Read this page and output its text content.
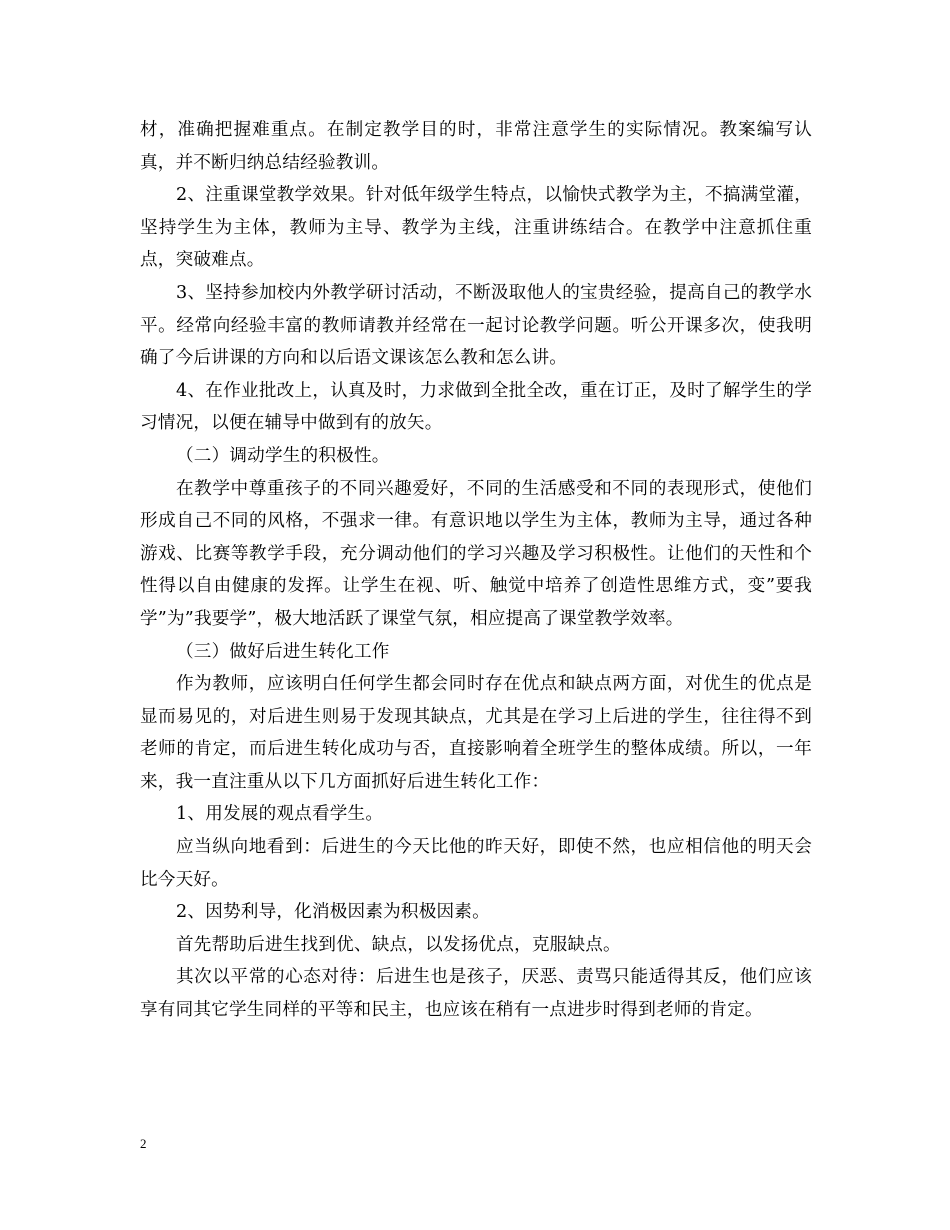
材，准确把握难重点。在制定教学目的时，非常注意学生的实际情况。教案编写认真，并不断归纳总结经验教训。

2、注重课堂教学效果。针对低年级学生特点，以愉快式教学为主，不搞满堂灌，坚持学生为主体，教师为主导、教学为主线，注重讲练结合。在教学中注意抓住重点，突破难点。

3、坚持参加校内外教学研讨活动，不断汲取他人的宝贵经验，提高自己的教学水平。经常向经验丰富的教师请教并经常在一起讨论教学问题。听公开课多次，使我明确了今后讲课的方向和以后语文课该怎么教和怎么讲。

4、在作业批改上，认真及时，力求做到全批全改，重在订正，及时了解学生的学习情况，以便在辅导中做到有的放矢。

（二）调动学生的积极性。

在教学中尊重孩子的不同兴趣爱好，不同的生活感受和不同的表现形式，使他们形成自己不同的风格，不强求一律。有意识地以学生为主体，教师为主导，通过各种游戏、比赛等教学手段，充分调动他们的学习兴趣及学习积极性。让他们的天性和个性得以自由健康的发挥。让学生在视、听、触觉中培养了创造性思维方式，变”要我学”为”我要学”，极大地活跃了课堂气氛，相应提高了课堂教学效率。

（三）做好后进生转化工作

作为教师，应该明白任何学生都会同时存在优点和缺点两方面，对优生的优点是显而易见的，对后进生则易于发现其缺点，尤其是在学习上后进的学生，往往得不到老师的肯定，而后进生转化成功与否，直接影响着全班学生的整体成绩。所以，一年来，我一直注重从以下几方面抓好后进生转化工作：

1、用发展的观点看学生。

应当纵向地看到：后进生的今天比他的昨天好，即使不然，也应相信他的明天会比今天好。

2、因势利导，化消极因素为积极因素。

首先帮助后进生找到优、缺点，以发扬优点，克服缺点。

其次以平常的心态对待：后进生也是孩子，厌恶、责骂只能适得其反，他们应该享有同其它学生同样的平等和民主，也应该在稍有一点进步时得到老师的肯定。

2
